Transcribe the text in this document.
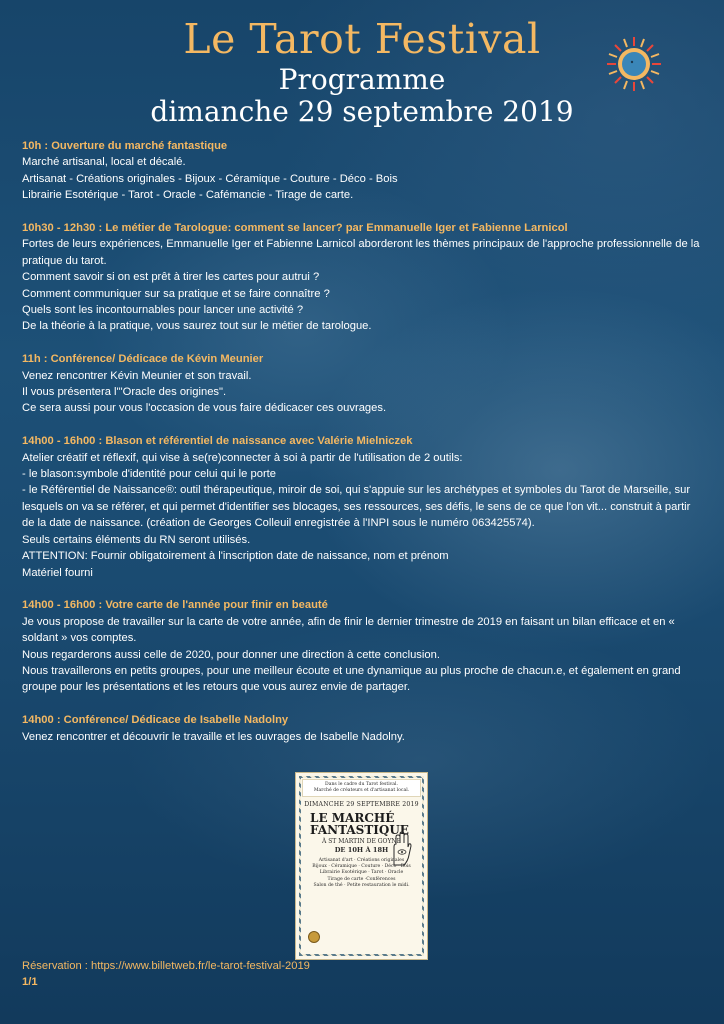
Le Tarot Festival
Programme
dimanche 29 septembre 2019
10h : Ouverture du marché fantastique
Marché artisanal, local et décalé.
Artisanat - Créations originales - Bijoux - Céramique - Couture - Déco - Bois
Librairie Esotérique - Tarot - Oracle - Cafémancie - Tirage de carte.
10h30 - 12h30 : Le métier de Tarologue: comment se lancer? par Emmanuelle Iger et Fabienne Larnicol
Fortes de leurs expériences, Emmanuelle Iger et Fabienne Larnicol aborderont les thèmes principaux de l'approche professionnelle de la pratique du tarot.
Comment savoir si on est prêt à tirer les cartes pour autrui ?
Comment communiquer sur sa pratique et se faire connaître ?
Quels sont les incontournables pour lancer une activité ?
De la théorie à la pratique, vous saurez tout sur le métier de tarologue.
11h : Conférence/ Dédicace de Kévin Meunier
Venez rencontrer Kévin Meunier et son travail.
Il vous présentera l'"Oracle des origines".
Ce sera aussi pour vous l'occasion de vous faire dédicacer ces ouvrages.
14h00 - 16h00 : Blason et référentiel de naissance avec Valérie Mielniczek
Atelier créatif et réflexif, qui vise à se(re)connecter à soi à partir de l'utilisation de 2 outils:
- le blason:symbole d'identité pour celui qui le porte
- le Référentiel de Naissance®: outil thérapeutique, miroir de soi, qui s'appuie sur les archétypes et symboles du Tarot de Marseille, sur lesquels on va se référer, et qui permet d'identifier ses blocages, ses ressources, ses défis, le sens de ce que l'on vit... construit à partir de la date de naissance. (création de Georges Colleuil enregistrée à l'INPI sous le numéro 063425574).
Seuls certains éléments du RN seront utilisés.
ATTENTION: Fournir obligatoirement à l'inscription date de naissance, nom et prénom
Matériel fourni
14h00 - 16h00 : Votre carte de l'année pour finir en beauté
Je vous propose de travailler sur la carte de votre année, afin de finir le dernier trimestre de 2019 en faisant un bilan efficace et en « soldant » vos comptes.
Nous regarderons aussi celle de 2020, pour donner une direction à cette conclusion.
Nous travaillerons en petits groupes, pour une meilleur écoute et une dynamique au plus proche de chacun.e, et également en grand groupe pour les présentations et les retours que vous aurez envie de partager.
14h00 : Conférence/ Dédicace de Isabelle Nadolny
Venez rencontrer et découvrir le travaille et les ouvrages de Isabelle Nadolny.
Dans le cadre du Tarot festival.
Marché de créateurs et d'artisanat local.
DIMANCHE 29 SEPTEMBRE 2019
LE MARCHÉ
FANTASTIQUE
À ST MARTIN DE GOYNE
DE 10H À 18H
Artisanat d'art · Créations originales
Bijoux · Céramique · Couture · Déco · Bois
Librairie Esotérique · Tarot · Oracle
Tirage de carte ·Conférences
Salon de thé · Petite restauration le midi.
Réservation : https://www.billetweb.fr/le-tarot-festival-2019
1/1
